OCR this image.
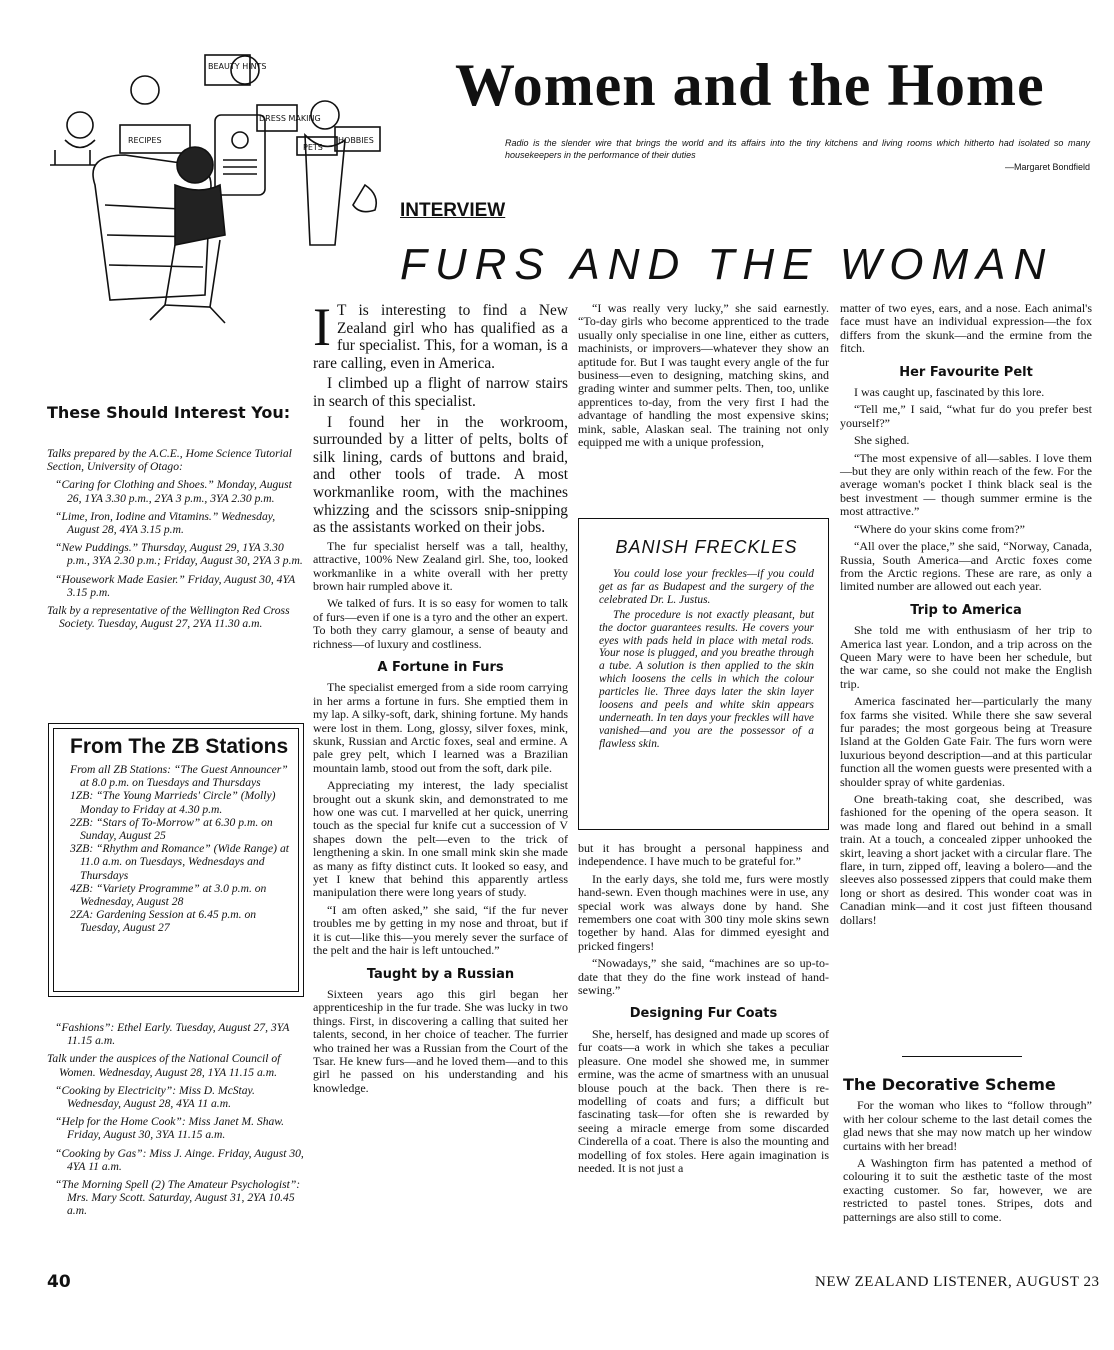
RECIPES
BEAUTY HINTS
DRESS MAKING
PETS
HOBBIES
Women and the Home
Radio is the slender wire that brings the world and its affairs into the tiny kitchens and living rooms which hitherto had isolated so many housekeepers in the performance of their duties
—Margaret Bondfield
INTERVIEW
FURS AND THE WOMAN
These Should Interest You:

Talks prepared by the A.C.E., Home Science Tutorial Section, University of Otago:

“Caring for Clothing and Shoes.” Monday, August 26, 1YA 3.30 p.m., 2YA 3 p.m., 3YA 2.30 p.m.

“Lime, Iron, Iodine and Vitamins.” Wednesday, August 28, 4YA 3.15 p.m.

“New Puddings.” Thursday, August 29, 1YA 3.30 p.m., 3YA 2.30 p.m.; Friday, August 30, 2YA 3 p.m.

“Housework Made Easier.” Friday, August 30, 4YA 3.15 p.m.

Talk by a representative of the Wellington Red Cross Society. Tuesday, August 27, 2YA 11.30 a.m.

From The ZB Stations

From all ZB Stations: “The Guest Announcer” at 8.0 p.m. on Tuesdays and Thursdays

1ZB: “The Young Marrieds' Circle” (Molly) Monday to Friday at 4.30 p.m.

2ZB: “Stars of To-Morrow” at 6.30 p.m. on Sunday, August 25

3ZB: “Rhythm and Romance” (Wide Range) at 11.0 a.m. on Tuesdays, Wednesdays and Thursdays

4ZB: “Variety Programme” at 3.0 p.m. on Wednesday, August 28

2ZA: Gardening Session at 6.45 p.m. on Tuesday, August 27

“Fashions”: Ethel Early. Tuesday, August 27, 3YA 11.15 a.m.

Talk under the auspices of the National Council of Women. Wednesday, August 28, 1YA 11.15 a.m.

“Cooking by Electricity”: Miss D. McStay. Wednesday, August 28, 4YA 11 a.m.

“Help for the Home Cook”: Miss Janet M. Shaw. Friday, August 30, 3YA 11.15 a.m.

“Cooking by Gas”: Miss J. Ainge. Friday, August 30, 4YA 11 a.m.

“The Morning Spell (2) The Amateur Psychologist”: Mrs. Mary Scott. Saturday, August 31, 2YA 10.45 a.m.

I T is interesting to find a New Zealand girl who has qualified as a fur specialist. This, for a woman, is a rare calling, even in America.

I climbed up a flight of narrow stairs in search of this specialist.

I found her in the workroom, surrounded by a litter of pelts, bolts of silk lining, cards of buttons and braid, and other tools of trade. A most workmanlike room, with the machines whizzing and the scissors snip-snipping as the assistants worked on their jobs.

The fur specialist herself was a tall, healthy, attractive, 100% New Zealand girl. She, too, looked workmanlike in a white overall with her pretty brown hair rumpled above it.

We talked of furs. It is so easy for women to talk of furs—even if one is a tyro and the other an expert. To both they carry glamour, a sense of beauty and richness—of luxury and costliness.

A Fortune in Furs

The specialist emerged from a side room carrying in her arms a fortune in furs. She emptied them in my lap. A silky-soft, dark, shining fortune. My hands were lost in them. Long, glossy, silver foxes, mink, skunk, Russian and Arctic foxes, seal and ermine. A pale grey pelt, which I learned was a Brazilian mountain lamb, stood out from the soft, dark pile.

Appreciating my interest, the lady specialist brought out a skunk skin, and demonstrated to me how one was cut. I marvelled at her quick, unerring touch as the special fur knife cut a succession of V shapes down the pelt—even to the trick of lengthening a skin. In one small mink skin she made as many as fifty distinct cuts. It looked so easy, and yet I knew that behind this apparently artless manipulation there were long years of study.

“I am often asked,” she said, “if the fur never troubles me by getting in my nose and throat, but if it is cut—like this—you merely sever the surface of the pelt and the hair is left untouched.”

Taught by a Russian

Sixteen years ago this girl began her apprenticeship in the fur trade. She was lucky in two things. First, in discovering a calling that suited her talents, second, in her choice of teacher. The furrier who trained her was a Russian from the Court of the Tsar. He knew furs—and he loved them—and to this girl he passed on his understanding and his knowledge.

“I was really very lucky,” she said earnestly. “To-day girls who become apprenticed to the trade usually only specialise in one line, either as cutters, machinists, or improvers—whatever they show an aptitude for. But I was taught every angle of the fur business—even to designing, matching skins, and grading winter and summer pelts. Then, too, unlike apprentices to-day, from the very first I had the advantage of handling the most expensive skins; mink, sable, Alaskan seal. The training not only equipped me with a unique profession,

BANISH FRECKLES

You could lose your freckles—if you could get as far as Budapest and the surgery of the celebrated Dr. L. Justus.

The procedure is not exactly pleasant, but the doctor guarantees results. He covers your eyes with pads held in place with metal rods. Your nose is plugged, and you breathe through a tube. A solution is then applied to the skin which loosens the cells in which the colour particles lie. Three days later the skin layer loosens and peels and white skin appears underneath. In ten days your freckles will have vanished—and you are the possessor of a flawless skin.

but it has brought a personal happiness and independence. I have much to be grateful for.”

In the early days, she told me, furs were mostly hand-sewn. Even though machines were in use, any special work was always done by hand. She remembers one coat with 300 tiny mole skins sewn together by hand. Alas for dimmed eyesight and pricked fingers!

“Nowadays,” she said, “machines are so up-to-date that they do the fine work instead of hand-sewing.”

Designing Fur Coats

She, herself, has designed and made up scores of fur coats—a work in which she takes a peculiar pleasure. One model she showed me, in summer ermine, was the acme of smartness with an unusual blouse pouch at the back. Then there is re-modelling of coats and furs; a difficult but fascinating task—for often she is rewarded by seeing a miracle emerge from some discarded Cinderella of a coat. There is also the mounting and modelling of fox stoles. Here again imagination is needed. It is not just a

matter of two eyes, ears, and a nose. Each animal's face must have an individual expression—the fox differs from the skunk—and the ermine from the fitch.

Her Favourite Pelt

I was caught up, fascinated by this lore.

“Tell me,” I said, “what fur do you prefer best yourself?”

She sighed.

“The most expensive of all—sables. I love them—but they are only within reach of the few. For the average woman's pocket I think black seal is the best investment — though summer ermine is the most attractive.”

“Where do your skins come from?”

“All over the place,” she said, “Norway, Canada, Russia, South America—and Arctic foxes come from the Arctic regions. These are rare, as only a limited number are allowed out each year.

Trip to America

She told me with enthusiasm of her trip to America last year. London, and a trip across on the Queen Mary were to have been her schedule, but the war came, so she could not make the English trip.

America fascinated her—particularly the many fox farms she visited. While there she saw several fur parades; the most gorgeous being at Treasure Island at the Golden Gate Fair. The furs worn were luxurious beyond description—and at this particular function all the women guests were presented with a shoulder spray of white gardenias.

One breath-taking coat, she described, was fashioned for the opening of the opera season. It was made long and flared out behind in a small train. At a touch, a concealed zipper unhooked the skirt, leaving a short jacket with a circular flare. The flare, in turn, zipped off, leaving a bolero—and the sleeves also possessed zippers that could make them long or short as desired. This wonder coat was in Canadian mink—and it cost just fifteen thousand dollars!

The Decorative Scheme

For the woman who likes to “follow through” with her colour scheme to the last detail comes the glad news that she may now match up her window curtains with her bread!

A Washington firm has patented a method of colouring it to suit the æsthetic taste of the most exacting customer. So far, however, we are restricted to pastel tones. Stripes, dots and patternings are also still to come.

40	NEW ZEALAND LISTENER, AUGUST 23
